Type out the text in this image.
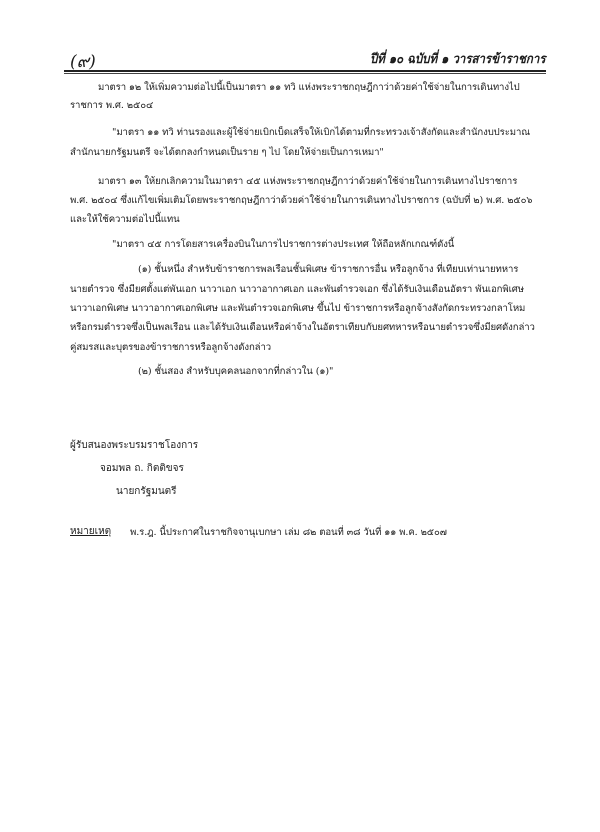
(๙)	ปีที่ ๑๐ ฉบับที่ ๑ วารสารข้าราชการ
มาตรา ๑๒ ให้เพิ่มความต่อไปนี้เป็นมาตรา ๑๑ ทวิ แห่งพระราชกฤษฎีกาว่าด้วยค่าใช้จ่ายในการเดินทางไป
ราชการ พ.ศ. ๒๕๐๔
"มาตรา ๑๑ ทวิ ท่านรองและผู้ใช้จ่ายเบิกเบ็ดเสร็จให้เบิกได้ตามที่กระทรวงเจ้าสังกัดและสำนักงบประมาณ
สำนักนายกรัฐมนตรี จะได้ตกลงกำหนดเป็นราย ๆ ไป โดยให้จ่ายเป็นการเหมา"
มาตรา ๑๓ ให้ยกเลิกความในมาตรา ๔๕ แห่งพระราชกฤษฎีกาว่าด้วยค่าใช้จ่ายในการเดินทางไปราชการ
พ.ศ. ๒๕๐๔ ซึ่งแก้ไขเพิ่มเติมโดยพระราชกฤษฎีกาว่าด้วยค่าใช้จ่ายในการเดินทางไปราชการ (ฉบับที่ ๒) พ.ศ. ๒๕๐๖
และให้ใช้ความต่อไปนี้แทน
"มาตรา ๔๕ การโดยสารเครื่องบินในการไปราชการต่างประเทศ ให้ถือหลักเกณฑ์ดังนี้
(๑) ชั้นหนึ่ง สำหรับข้าราชการพลเรือนชั้นพิเศษ ข้าราชการอื่น หรือลูกจ้าง ที่เทียบเท่านายทหาร
นายตำรวจ ซึ่งมียศตั้งแต่พันเอก นาวาเอก นาวาอากาศเอก และพันตำรวจเอก ซึ่งได้รับเงินเดือนอัตรา พันเอกพิเศษ
นาวาเอกพิเศษ นาวาอากาศเอกพิเศษ และพันตำรวจเอกพิเศษ ขึ้นไป ข้าราชการหรือลูกจ้างสังกัดกระทรวงกลาโหม
หรือกรมตำรวจซึ่งเป็นพลเรือน และได้รับเงินเดือนหรือค่าจ้างในอัตราเทียบกับยศทหารหรือนายตำรวจซึ่งมียศดังกล่าว
คู่สมรสและบุตรของข้าราชการหรือลูกจ้างดังกล่าว
(๒) ชั้นสอง สำหรับบุคคลนอกจากที่กล่าวใน (๑)"
ผู้รับสนองพระบรมราชโองการ
จอมพล ถ. กิตติขจร
นายกรัฐมนตรี
หมายเหตุ พ.ร.ฎ. นี้ประกาศในราชกิจจานุเบกษา เล่ม ๘๒ ตอนที่ ๓๘ วันที่ ๑๑ พ.ค. ๒๕๐๗
